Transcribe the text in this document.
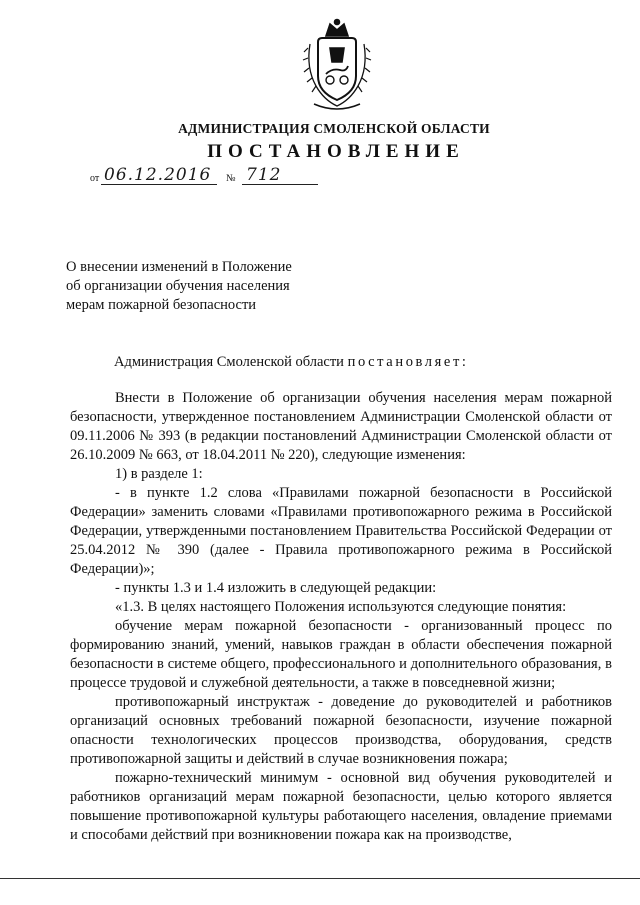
АДМИНИСТРАЦИЯ СМОЛЕНСКОЙ ОБЛАСТИ
ПОСТАНОВЛЕНИЕ
от 06.12.2016 № 712
О внесении изменений в Положение
об организации обучения населения
мерам пожарной безопасности
Администрация Смоленской области постановляет:

Внести в Положение об организации обучения населения мерам пожарной безопасности, утвержденное постановлением Администрации Смоленской области от 09.11.2006 № 393 (в редакции постановлений Администрации Смоленской области от 26.10.2009 № 663, от 18.04.2011 № 220), следующие изменения:

1) в разделе 1:

- в пункте 1.2 слова «Правилами пожарной безопасности в Российской Федерации» заменить словами «Правилами противопожарного режима в Российской Федерации, утвержденными постановлением Правительства Российской Федерации от 25.04.2012 № 390 (далее - Правила противопожарного режима в Российской Федерации)»;

- пункты 1.3 и 1.4 изложить в следующей редакции:

«1.3. В целях настоящего Положения используются следующие понятия:

обучение мерам пожарной безопасности - организованный процесс по формированию знаний, умений, навыков граждан в области обеспечения пожарной безопасности в системе общего, профессионального и дополнительного образования, в процессе трудовой и служебной деятельности, а также в повседневной жизни;

противопожарный инструктаж - доведение до руководителей и работников организаций основных требований пожарной безопасности, изучение пожарной опасности технологических процессов производства, оборудования, средств противопожарной защиты и действий в случае возникновения пожара;

пожарно-технический минимум - основной вид обучения руководителей и работников организаций мерам пожарной безопасности, целью которого является повышение противопожарной культуры работающего населения, овладение приемами и способами действий при возникновении пожара как на производстве,
